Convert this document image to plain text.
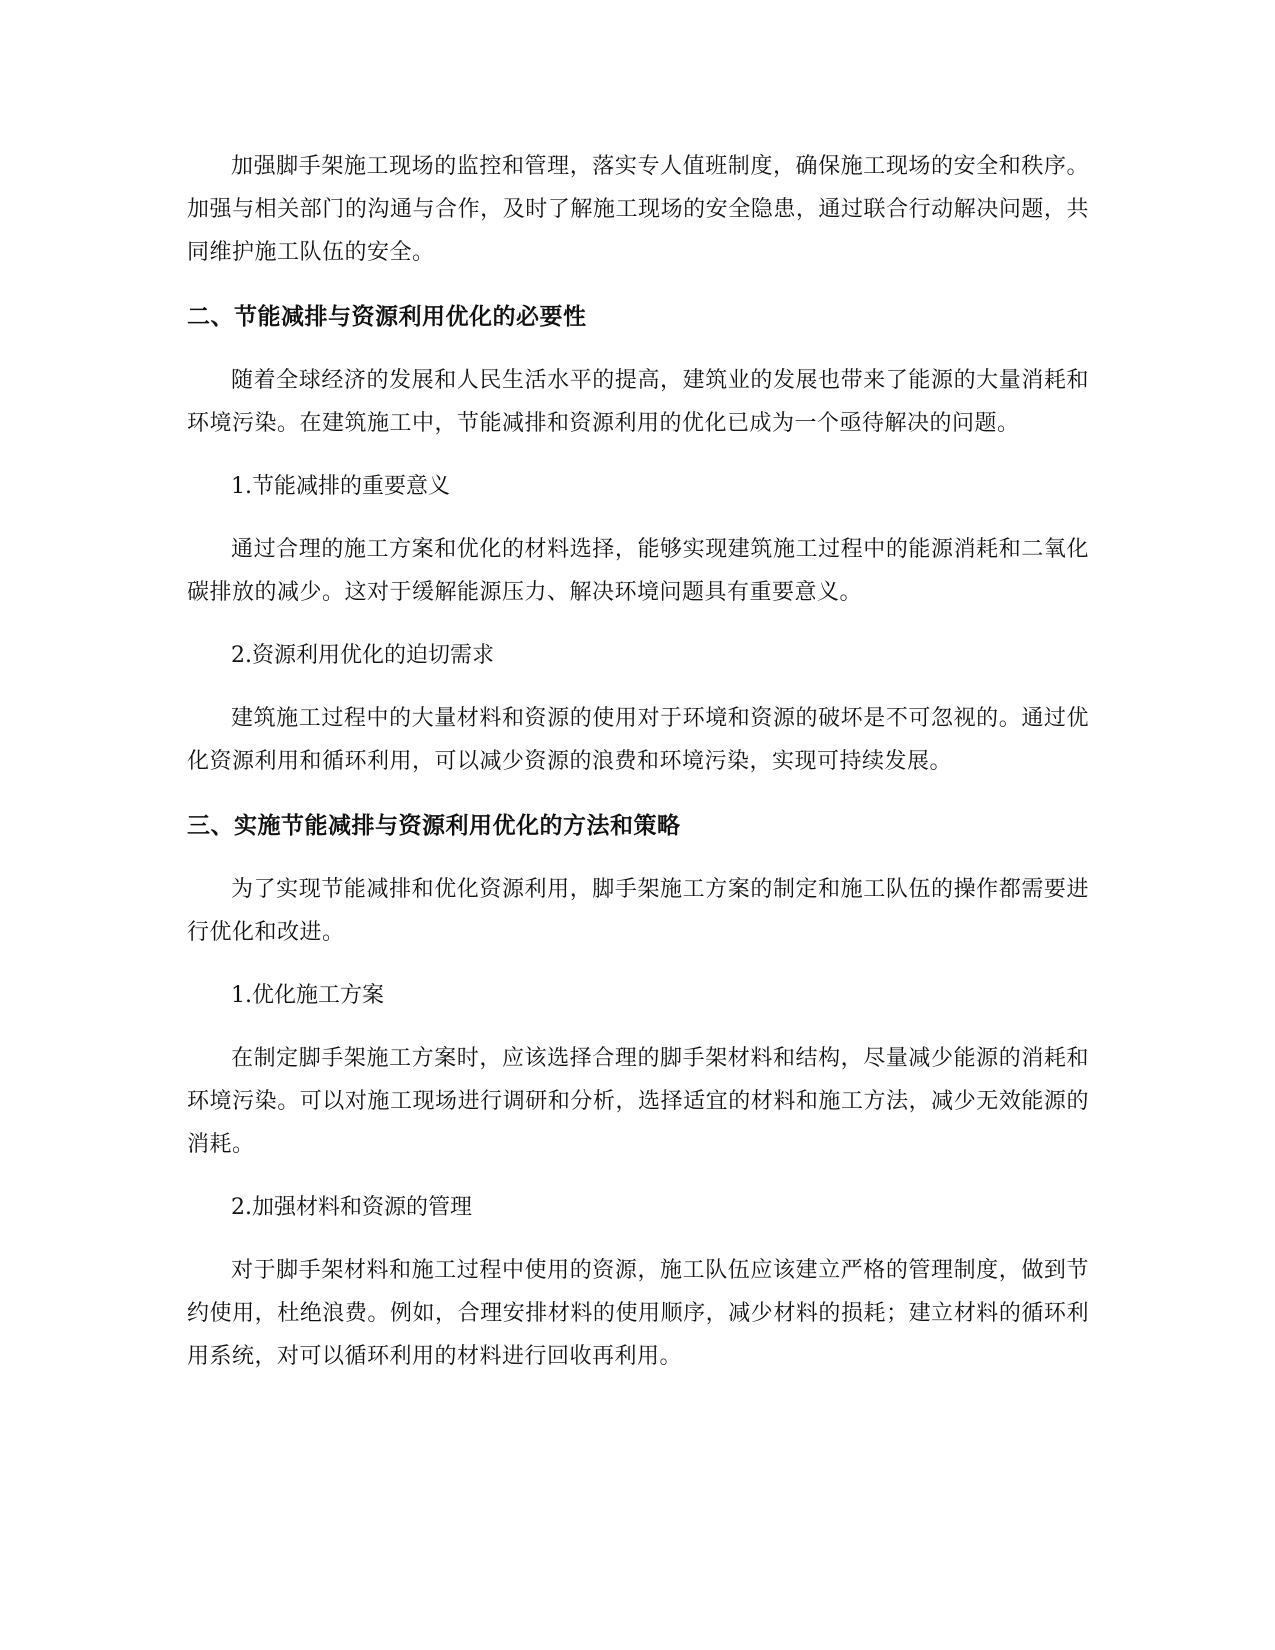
加强脚手架施工现场的监控和管理，落实专人值班制度，确保施工现场的安全和秩序。加强与相关部门的沟通与合作，及时了解施工现场的安全隐患，通过联合行动解决问题，共同维护施工队伍的安全。

二、节能减排与资源利用优化的必要性

随着全球经济的发展和人民生活水平的提高，建筑业的发展也带来了能源的大量消耗和环境污染。在建筑施工中，节能减排和资源利用的优化已成为一个亟待解决的问题。

1.节能减排的重要意义

通过合理的施工方案和优化的材料选择，能够实现建筑施工过程中的能源消耗和二氧化碳排放的减少。这对于缓解能源压力、解决环境问题具有重要意义。

2.资源利用优化的迫切需求

建筑施工过程中的大量材料和资源的使用对于环境和资源的破坏是不可忽视的。通过优化资源利用和循环利用，可以减少资源的浪费和环境污染，实现可持续发展。

三、实施节能减排与资源利用优化的方法和策略

为了实现节能减排和优化资源利用，脚手架施工方案的制定和施工队伍的操作都需要进行优化和改进。

1.优化施工方案

在制定脚手架施工方案时，应该选择合理的脚手架材料和结构，尽量减少能源的消耗和环境污染。可以对施工现场进行调研和分析，选择适宜的材料和施工方法，减少无效能源的消耗。

2.加强材料和资源的管理

对于脚手架材料和施工过程中使用的资源，施工队伍应该建立严格的管理制度，做到节约使用，杜绝浪费。例如，合理安排材料的使用顺序，减少材料的损耗；建立材料的循环利用系统，对可以循环利用的材料进行回收再利用。
